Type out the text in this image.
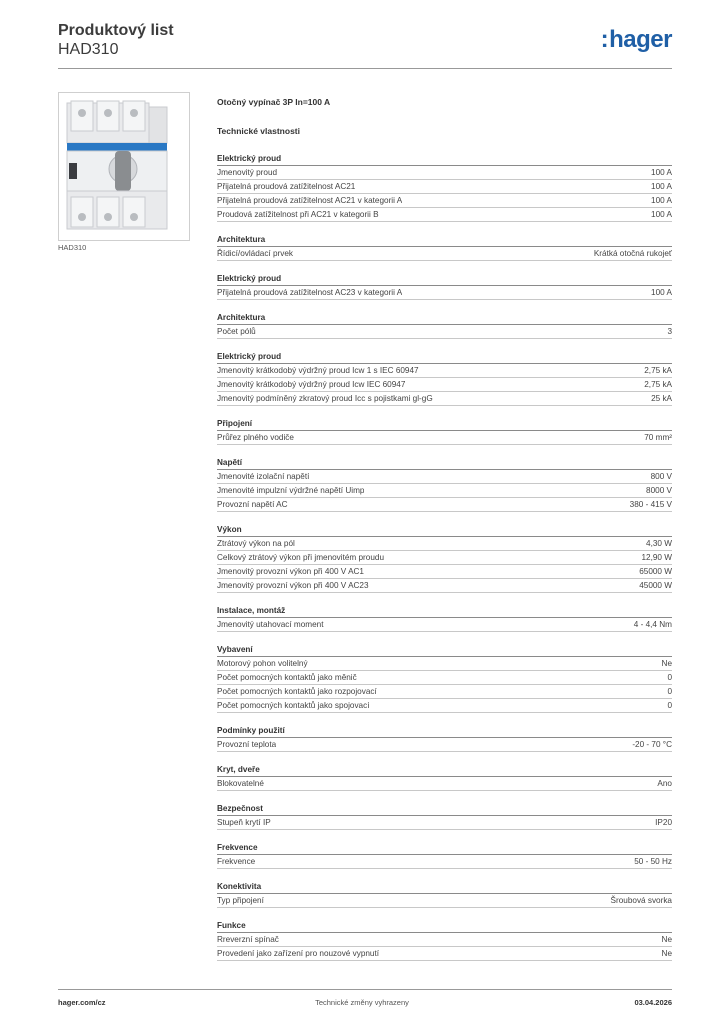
Produktový list
HAD310	:hager
HAD310
Otočný vypínač 3P In=100 A
Technické vlastnosti
Elektrický proud
Jmenovitý proud	100 A
Přijatelná proudová zatížitelnost AC21	100 A
Přijatelná proudová zatížitelnost AC21 v kategorii A	100 A
Proudová zatížitelnost při AC21 v kategorii B	100 A
Architektura
Řídicí/ovládací prvek	Krátká otočná rukojeť
Elektrický proud
Přijatelná proudová zatížitelnost AC23 v kategorii A	100 A
Architektura
Počet pólů	3
Elektrický proud
Jmenovitý krátkodobý výdržný proud Icw 1 s IEC 60947	2,75 kA
Jmenovitý krátkodobý výdržný proud Icw IEC 60947	2,75 kA
Jmenovitý podmíněný zkratový proud Icc s pojistkami gl-gG	25 kA
Připojení
Průřez plného vodiče	70 mm²
Napětí
Jmenovité izolační napětí	800 V
Jmenovité impulzní výdržné napětí Uimp	8000 V
Provozní napětí AC	380 - 415 V
Výkon
Ztrátový výkon na pól	4,30 W
Celkový ztrátový výkon při jmenovitém proudu	12,90 W
Jmenovitý provozní výkon při 400 V AC1	65000 W
Jmenovitý provozní výkon při 400 V AC23	45000 W
Instalace, montáž
Jmenovitý utahovací moment	4 - 4,4 Nm
Vybavení
Motorový pohon volitelný	Ne
Počet pomocných kontaktů jako měnič	0
Počet pomocných kontaktů jako rozpojovací	0
Počet pomocných kontaktů jako spojovací	0
Podmínky použití
Provozní teplota	-20 - 70 °C
Kryt, dveře
Blokovatelné	Ano
Bezpečnost
Stupeň krytí IP	IP20
Frekvence
Frekvence	50 - 50 Hz
Konektivita
Typ připojení	Šroubová svorka
Funkce
Rreverzní spínač	Ne
Provedení jako zařízení pro nouzové vypnutí	Ne
hager.com/cz	Technické změny vyhrazeny	03.04.2026
